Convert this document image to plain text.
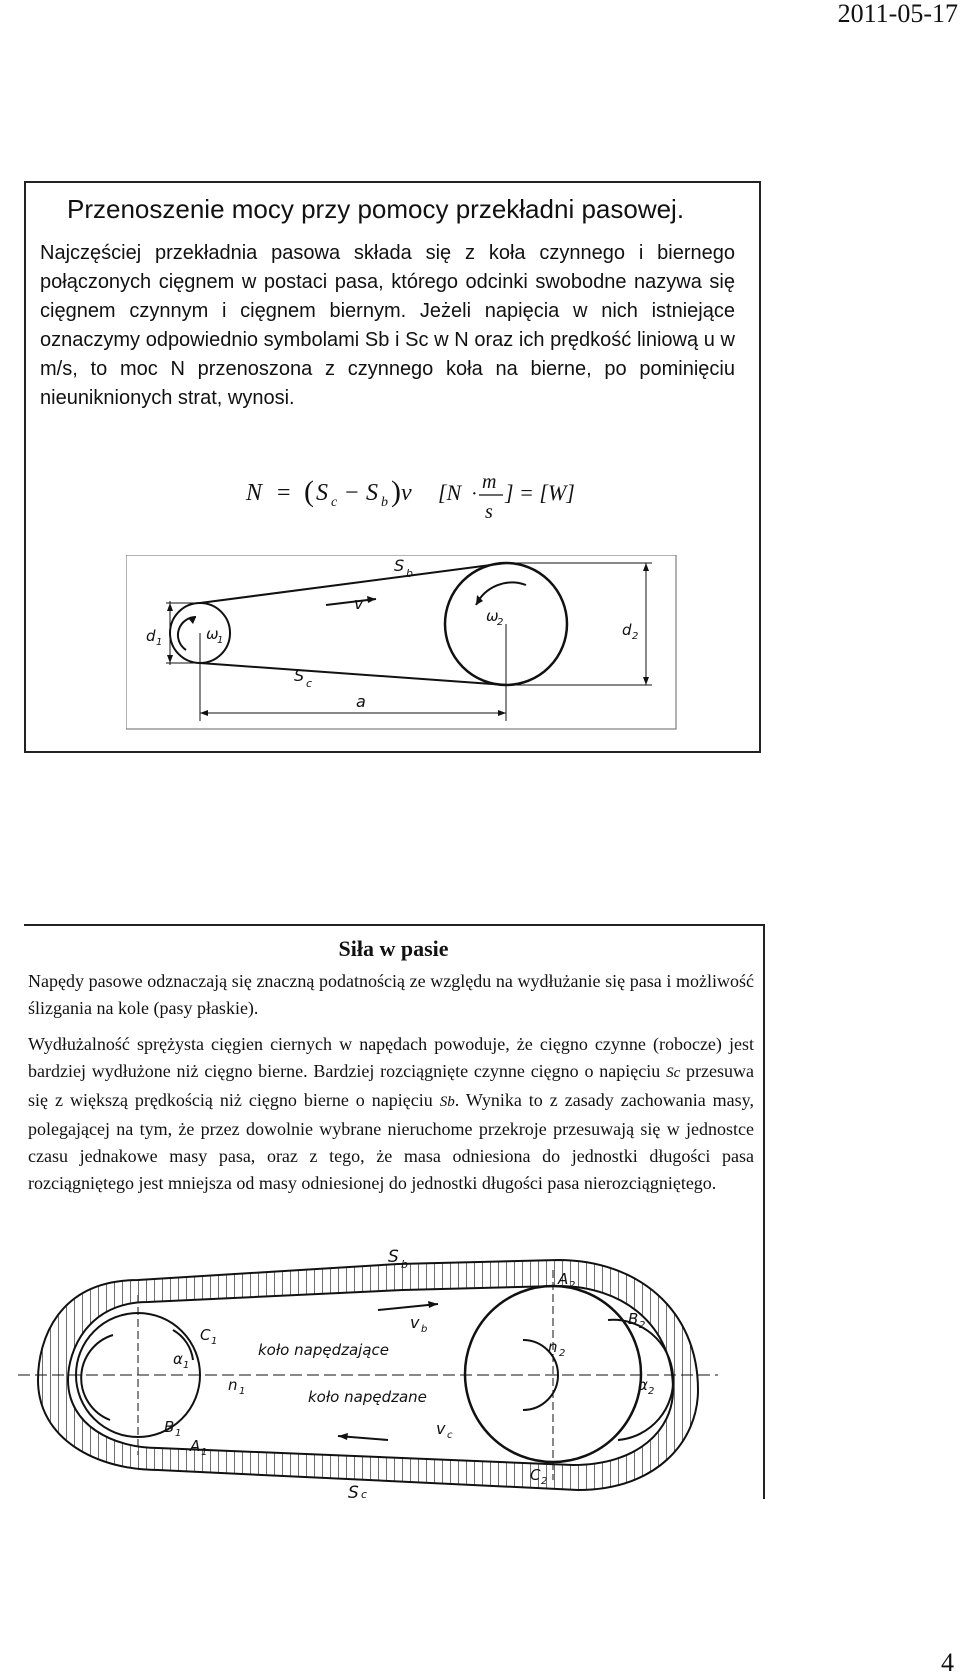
2011-05-17
Przenoszenie mocy przy pomocy przekładni pasowej.

Najczęściej przekładnia pasowa składa się z koła czynnego i biernego połączonych cięgnem w postaci pasa, którego odcinki swobodne nazywa się cięgnem czynnym i cięgnem biernym. Jeżeli napięcia w nich istniejące oznaczymy odpowiednio symbolami Sb i Sc w N oraz ich prędkość liniową u w m/s, to moc N przenoszona z czynnego koła na bierne, po pominięciu nieuniknionych strat, wynosi.

N = ( S c − S b ) v [N ·
m
s
] = [W]
S b
S c
v
ω
1
ω
2
d 1
d 2
a
Siła w pasie

Napędy pasowe odznaczają się znaczną podatnością ze względu na wydłużanie się pasa i możliwość ślizgania na kole (pasy płaskie).

Wydłużalność sprężysta cięgien ciernych w napędach powoduje, że cięgno czynne (robocze) jest bardziej wydłużone niż cięgno bierne. Bardziej rozciągnięte czynne cięgno o napięciu Sc przesuwa się z większą prędkością niż cięgno bierne o napięciu Sb. Wynika to z zasady zachowania masy, polegającej na tym, że przez dowolnie wybrane nieruchome przekroje przesuwają się w jednostce czasu jednakowe masy pasa, oraz z tego, że masa odniesiona do jednostki długości pasa rozciągniętego jest mniejsza od masy odniesionej do jednostki długości pasa nierozciągniętego.

S b
S c
v b
v c
C 1
C 2
A 1
A 2
B 1
B 2
n 1
n 2
α 1
α 2
koło napędzające
koło napędzane
4
